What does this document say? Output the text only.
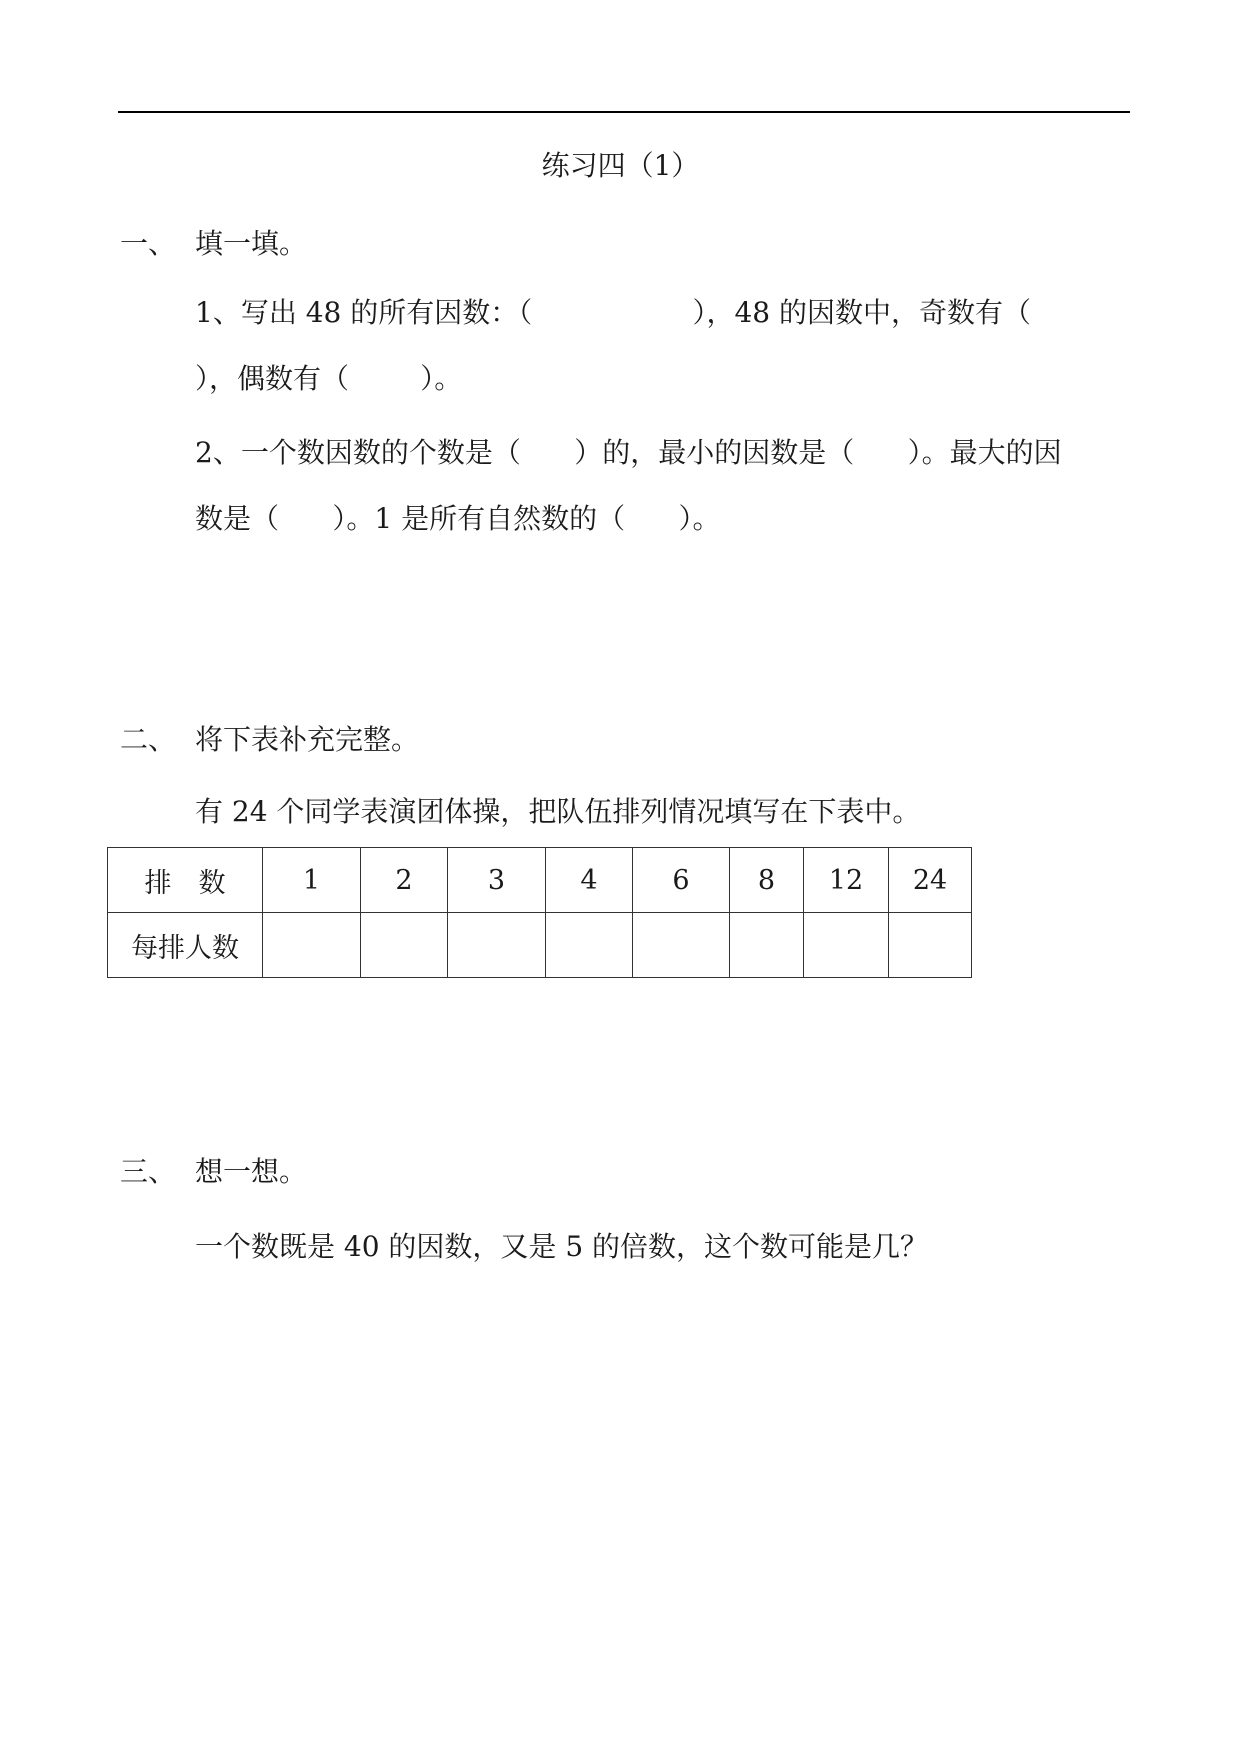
练习四（1）
一、 填一填。
1、写出 48 的所有因数：（                  ），48 的因数中，奇数有（
），偶数有（        ）。
2、一个数因数的个数是（      ）的，最小的因数是（      ）。最大的因
数是（      ）。1 是所有自然数的（      ）。
二、 将下表补充完整。
有 24 个同学表演团体操，把队伍排列情况填写在下表中。
排　数	1	2	3	4	6	8	12	24
每排人数								
三、 想一想。
一个数既是 40 的因数，又是 5 的倍数，这个数可能是几？
